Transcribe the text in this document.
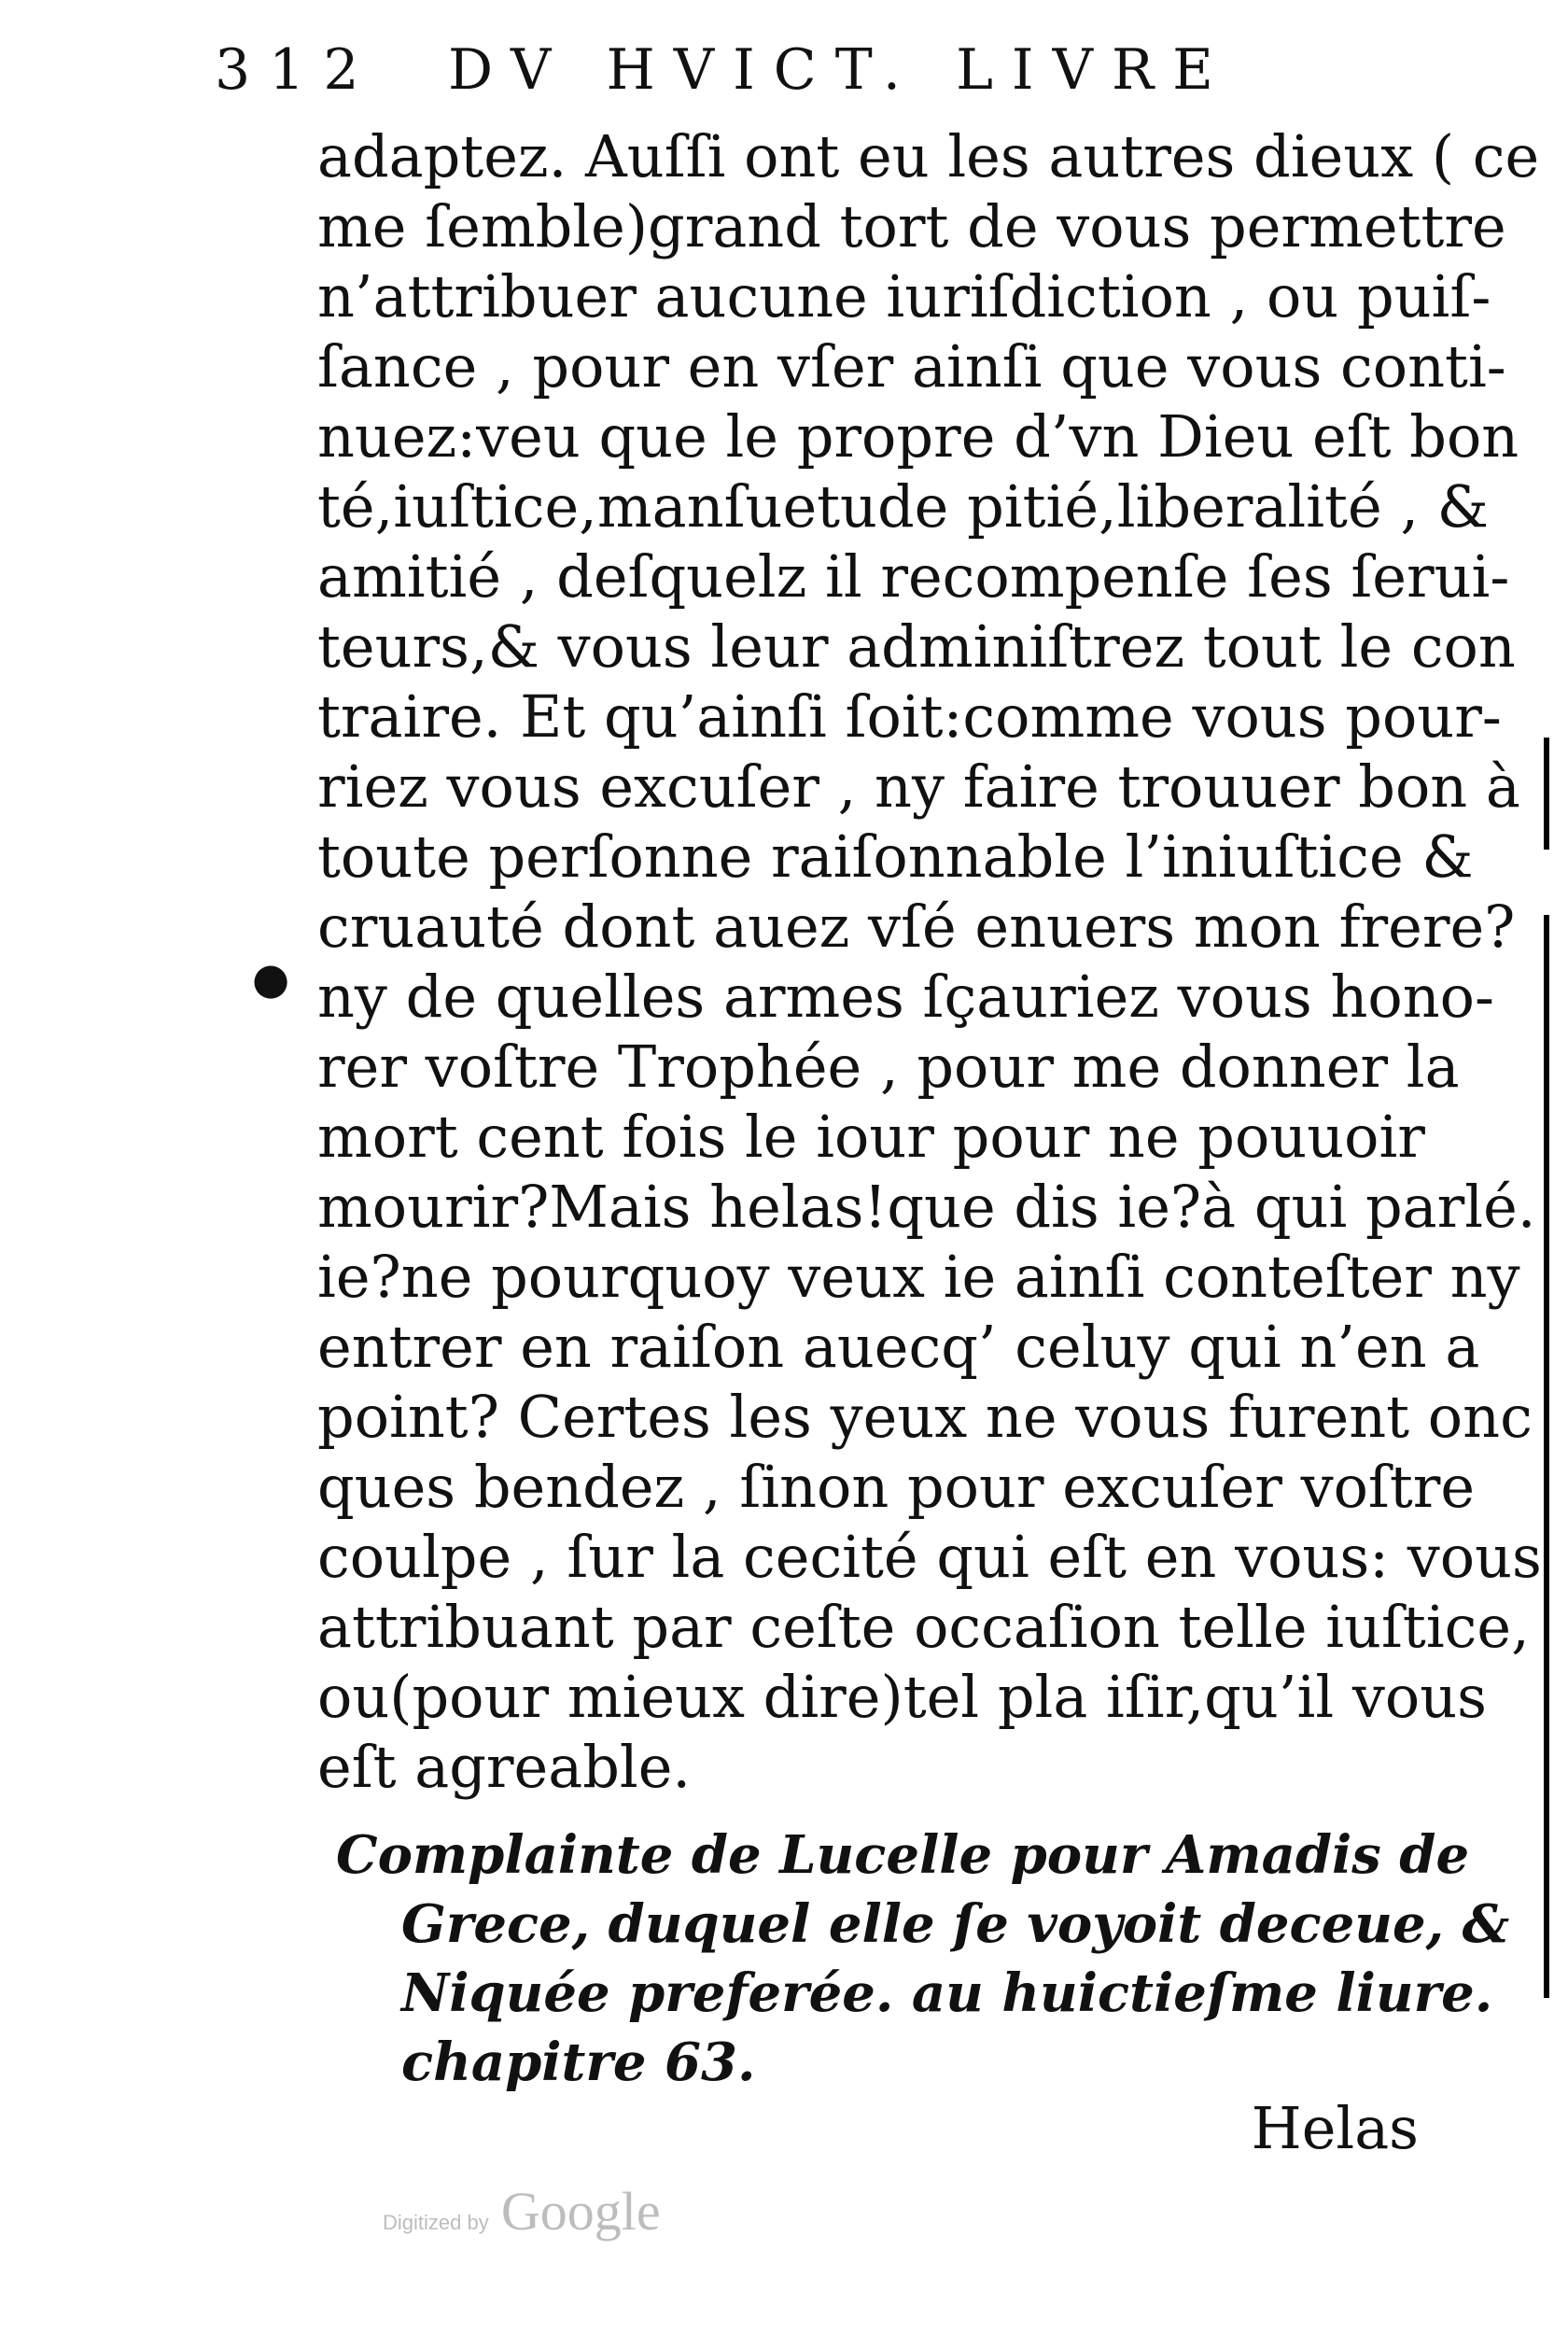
312 DV HVICT. LIVRE
●
adaptez. Auſſi ont eu les autres dieux ( ce
me ſemble)grand tort de vous permettre
n’attribuer aucune iuriſdiction , ou puiſ-
ſance , pour en vſer ainſi que vous conti-
nuez:veu que le propre d’vn Dieu eſt bon
té,iuſtice,manſuetude pitié,liberalité , &
amitié , deſquelz il recompenſe ſes ſerui-
teurs,& vous leur adminiſtrez tout le con
traire. Et qu’ainſi ſoit:comme vous pour-
riez vous excuſer , ny faire trouuer bon à
toute perſonne raiſonnable l’iniuſtice &
cruauté dont auez vſé enuers mon frere?
ny de quelles armes ſçauriez vous hono-
rer voſtre Trophée , pour me donner la
mort cent fois le iour pour ne pouuoir
mourir?Mais helas!que dis ie?à qui parlé.
ie?ne pourquoy veux ie ainſi conteſter ny
entrer en raiſon auecq’ celuy qui n’en a
point? Certes les yeux ne vous furent onc
ques bendez , ſinon pour excuſer voſtre
coulpe , ſur la cecité qui eſt en vous: vous
attribuant par ceſte occaſion telle iuſtice,
ou(pour mieux dire)tel pla iſir,qu’il vous
eſt agreable.
Complainte de Lucelle pour Amadis de
Grece, duquel elle ſe voyoit deceue, &
Niquée preferée. au huictieſme liure.
chapitre 63.
Helas
Digitized by Google
